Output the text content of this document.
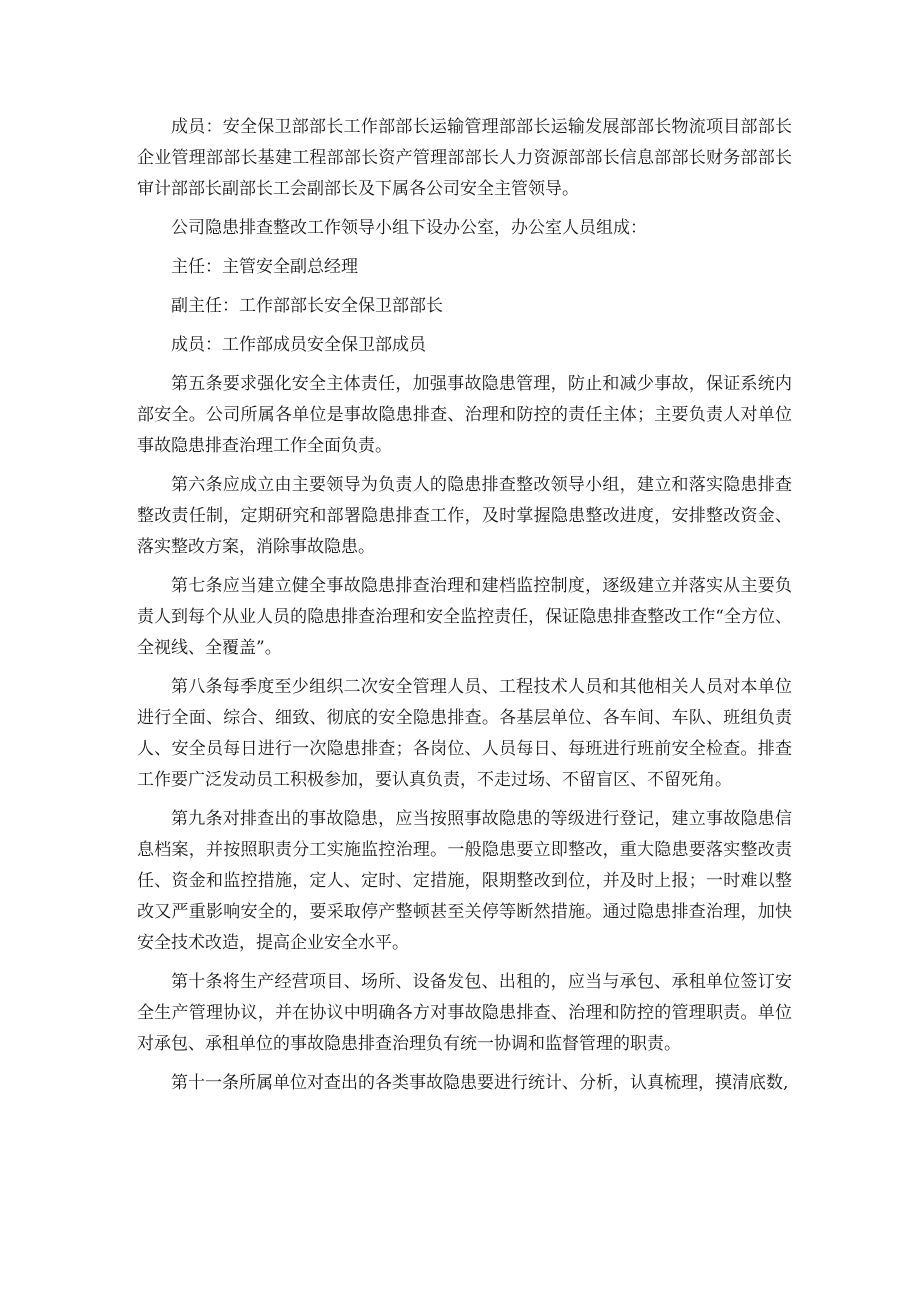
成员：安全保卫部部长工作部部长运输管理部部长运输发展部部长物流项目部部长企业管理部部长基建工程部部长资产管理部部长人力资源部部长信息部部长财务部部长审计部部长副部长工会副部长及下属各公司安全主管领导。

公司隐患排查整改工作领导小组下设办公室，办公室人员组成：

主任：主管安全副总经理

副主任：工作部部长安全保卫部部长

成员：工作部成员安全保卫部成员

第五条要求强化安全主体责任，加强事故隐患管理，防止和减少事故，保证系统内部安全。公司所属各单位是事故隐患排查、治理和防控的责任主体；主要负责人对单位事故隐患排查治理工作全面负责。

第六条应成立由主要领导为负责人的隐患排查整改领导小组，建立和落实隐患排查整改责任制，定期研究和部署隐患排查工作，及时掌握隐患整改进度，安排整改资金、落实整改方案，消除事故隐患。

第七条应当建立健全事故隐患排查治理和建档监控制度，逐级建立并落实从主要负责人到每个从业人员的隐患排查治理和安全监控责任，保证隐患排查整改工作“全方位、全视线、全覆盖”。

第八条每季度至少组织二次安全管理人员、工程技术人员和其他相关人员对本单位进行全面、综合、细致、彻底的安全隐患排查。各基层单位、各车间、车队、班组负责人、安全员每日进行一次隐患排查；各岗位、人员每日、每班进行班前安全检查。排查工作要广泛发动员工积极参加，要认真负责，不走过场、不留盲区、不留死角。

第九条对排查出的事故隐患，应当按照事故隐患的等级进行登记，建立事故隐患信息档案，并按照职责分工实施监控治理。一般隐患要立即整改，重大隐患要落实整改责任、资金和监控措施，定人、定时、定措施，限期整改到位，并及时上报；一时难以整改又严重影响安全的，要采取停产整顿甚至关停等断然措施。通过隐患排查治理，加快安全技术改造，提高企业安全水平。

第十条将生产经营项目、场所、设备发包、出租的，应当与承包、承租单位签订安全生产管理协议，并在协议中明确各方对事故隐患排查、治理和防控的管理职责。单位对承包、承租单位的事故隐患排查治理负有统一协调和监督管理的职责。

第十一条所属单位对查出的各类事故隐患要进行统计、分析，认真梳理，摸清底数,
